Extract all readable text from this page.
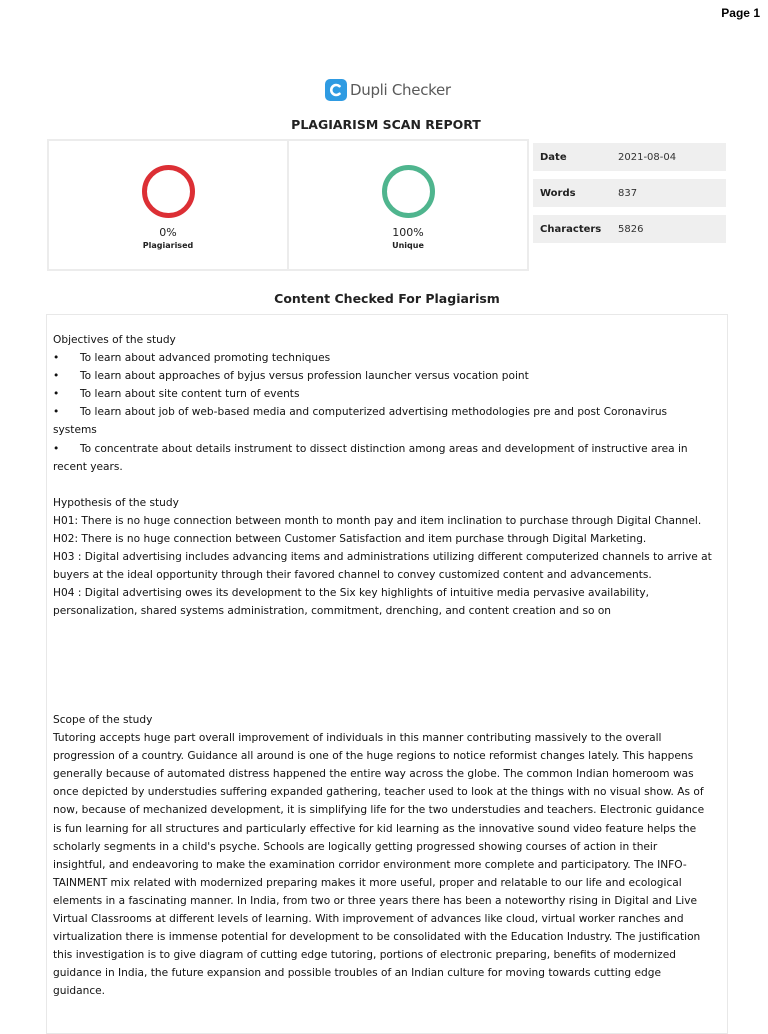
Page 1
Dupli Checker
PLAGIARISM SCAN REPORT
0%
Plagiarised
100%
Unique
Date	2021-08-04
Words	837
Characters	5826
Content Checked For Plagiarism
Objectives of the study
• To learn about advanced promoting techniques
• To learn about approaches of byjus versus profession launcher versus vocation point
• To learn about site content turn of events
• To learn about job of web-based media and computerized advertising methodologies pre and post Coronavirus
systems
• To concentrate about details instrument to dissect distinction among areas and development of instructive area in
recent years.
Hypothesis of the study
H01: There is no huge connection between month to month pay and item inclination to purchase through Digital Channel.
H02: There is no huge connection between Customer Satisfaction and item purchase through Digital Marketing.
H03 : Digital advertising includes advancing items and administrations utilizing different computerized channels to arrive at
buyers at the ideal opportunity through their favored channel to convey customized content and advancements.
H04 : Digital advertising owes its development to the Six key highlights of intuitive media pervasive availability,
personalization, shared systems administration, commitment, drenching, and content creation and so on
Scope of the study
Tutoring accepts huge part overall improvement of individuals in this manner contributing massively to the overall
progression of a country. Guidance all around is one of the huge regions to notice reformist changes lately. This happens
generally because of automated distress happened the entire way across the globe. The common Indian homeroom was
once depicted by understudies suffering expanded gathering, teacher used to look at the things with no visual show. As of
now, because of mechanized development, it is simplifying life for the two understudies and teachers. Electronic guidance
is fun learning for all structures and particularly effective for kid learning as the innovative sound video feature helps the
scholarly segments in a child's psyche. Schools are logically getting progressed showing courses of action in their
insightful, and endeavoring to make the examination corridor environment more complete and participatory. The INFO-
TAINMENT mix related with modernized preparing makes it more useful, proper and relatable to our life and ecological
elements in a fascinating manner. In India, from two or three years there has been a noteworthy rising in Digital and Live
Virtual Classrooms at different levels of learning. With improvement of advances like cloud, virtual worker ranches and
virtualization there is immense potential for development to be consolidated with the Education Industry. The justification
this investigation is to give diagram of cutting edge tutoring, portions of electronic preparing, benefits of modernized
guidance in India, the future expansion and possible troubles of an Indian culture for moving towards cutting edge
guidance.
